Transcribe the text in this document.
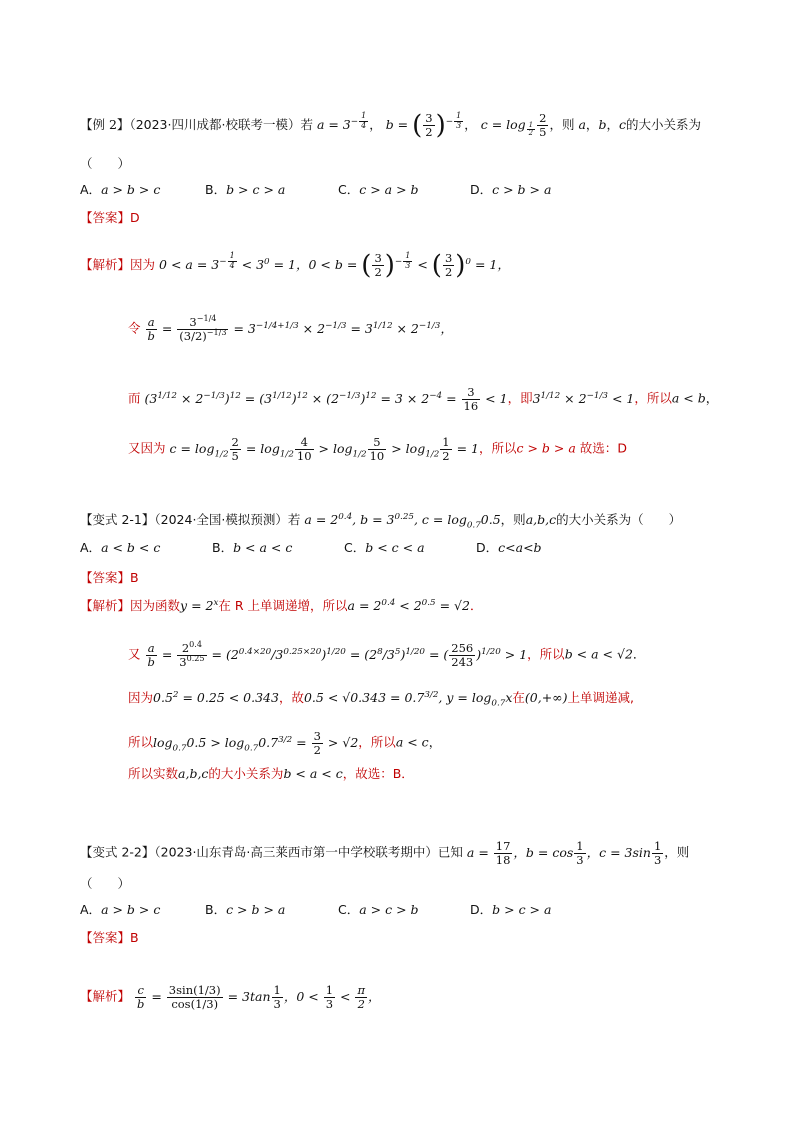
【例 2】（2023·四川成都·校联考一模）若 $a = 3^{- \frac{1}{4}}$ ， b = ( $\frac{3}{2} )^{- \frac{1}{3}}$ ， $c = \log _{\frac{1}{2}} \frac{2}{5}$ ，则 a，b，c的大小关系为
（　　）
A．a > b > c	B．b > c > a	C．c > a > b	D．c > b > a
【答案】D
【解析】因为 $0 < a = 3^{- \frac{1}{4}} < 3^0 = 1$，0 < b = ( $\frac{3}{2} )^{- \frac{1}{3}}$ < ( $\frac{3}{2} )^0 = 1$，
令 $\frac{a}{b} = \frac{3^{-1/4}}{(3/2)^{-1/3}} = 3^{-1/4+1/3} \times 2^{-1/3} = 3^{1/12} \times 2^{-1/3}$，
而 $(3^{1/12} \times 2^{-1/3})^{12} = (3^{1/12})^{12} \times (2^{-1/3})^{12} = 3 \times 2^{-4} = \frac{3}{16} < 1$，即$3^{1/12} \times 2^{-1/3} < 1$，所以a < b，
又因为 $c = \log_{1/2} \frac{2}{5} = \log_{1/2} \frac{4}{10} > \log_{1/2} \frac{5}{10} > \log_{1/2} \frac{1}{2} = 1$，所以c > b > a 故选：D
【变式 2-1】（2024·全国·模拟预测）若 $a = 2^{0.4}$, $b = 3^{0.25}$, $c = \log_{0.7}0.5$，则a,b,c的大小关系为（　　）
A．a < b < c	B．b < a < c	C．b < c < a	D．c<a<b
【答案】B
【解析】因为函数$y = 2^x$在 R 上单调递增，所以$a = 2^{0.4} < 2^{0.5} = √2$．
又 $\frac{a}{b} = \frac{2^{0.4}}{3^{0.25}} = (2^{0.4\times 20}/3^{0.25\times 20})^{1/20} = (2^8/3^5)^{1/20}$ = ( $\frac{256}{243} )^{1/20} > 1$，所以b < a < √2．
因为$0.5^2 = 0.25 < 0.343$，故$0.5 < √0.343 = 0.7^{3/2}$, $y = \log_{0.7}x$在(0,+∞)上单调递减,
所以$\log_{0.7}0.5 > \log_{0.7}0.7^{3/2} = \frac{3}{2} > √2$，所以a < c，
所以实数a,b,c的大小关系为b < a < c，故选：B．
【变式 2-2】（2023·山东青岛·高三莱西市第一中学校联考期中）已知 $a = \frac{17}{18}$ ，$b = \cos \frac{1}{3}$ ，$c = 3\sin \frac{1}{3}$ ，则
（　　）
A．a > b > c	B．c > b > a	C．a > c > b	D．b > c > a
【答案】B
【解析】 $\frac{c}{b} = \frac{3\sin(1/3)}{\cos(1/3)} = 3\tan \frac{1}{3}$ ，$0 < \frac{1}{3} < \frac{\pi}{2}$ ，
